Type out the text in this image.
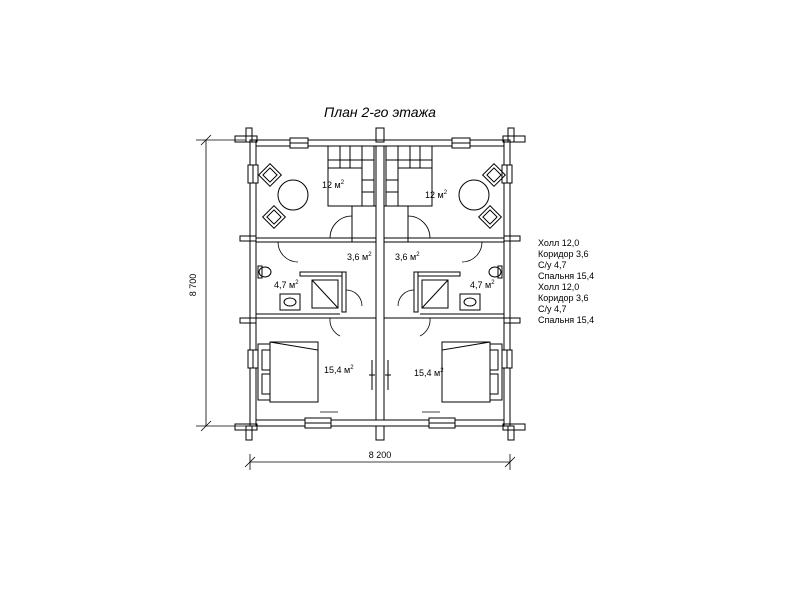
План 2-го этажа
12 $м^2$
12 $м^2$
3,6 $м^2$	3,6 $м^2$
4,7 $м^2$	4,7 $м^2$
15,4 $м^2$	15,4 $м^2$
8 700
8 200
Холл 12,0
Коридор 3,6
С/у 4,7
Спальня 15,4
Холл 12,0
Коридор 3,6
С/у 4,7
Спальня 15,4
